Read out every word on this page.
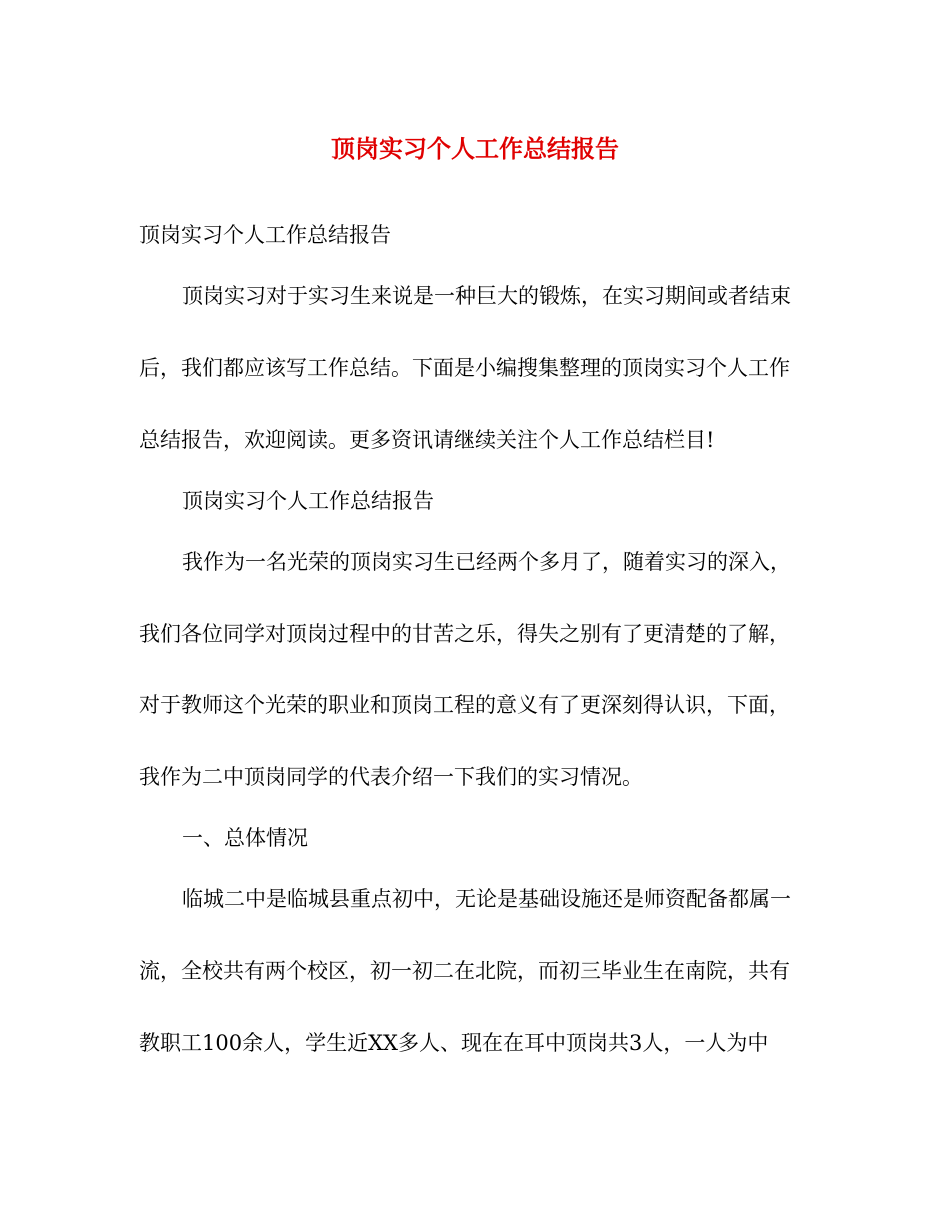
顶岗实习个人工作总结报告
顶岗实习个人工作总结报告
顶岗实习对于实习生来说是一种巨大的锻炼，在实习期间或者结束
后，我们都应该写工作总结。下面是小编搜集整理的顶岗实习个人工作
总结报告，欢迎阅读。更多资讯请继续关注个人工作总结栏目!
顶岗实习个人工作总结报告
我作为一名光荣的顶岗实习生已经两个多月了，随着实习的深入，
我们各位同学对顶岗过程中的甘苦之乐，得失之别有了更清楚的了解，
对于教师这个光荣的职业和顶岗工程的意义有了更深刻得认识，下面，
我作为二中顶岗同学的代表介绍一下我们的实习情况。
一、总体情况
临城二中是临城县重点初中，无论是基础设施还是师资配备都属一
流，全校共有两个校区，初一初二在北院，而初三毕业生在南院，共有
教职工100余人，学生近XX多人、现在在耳中顶岗共3人，一人为中
